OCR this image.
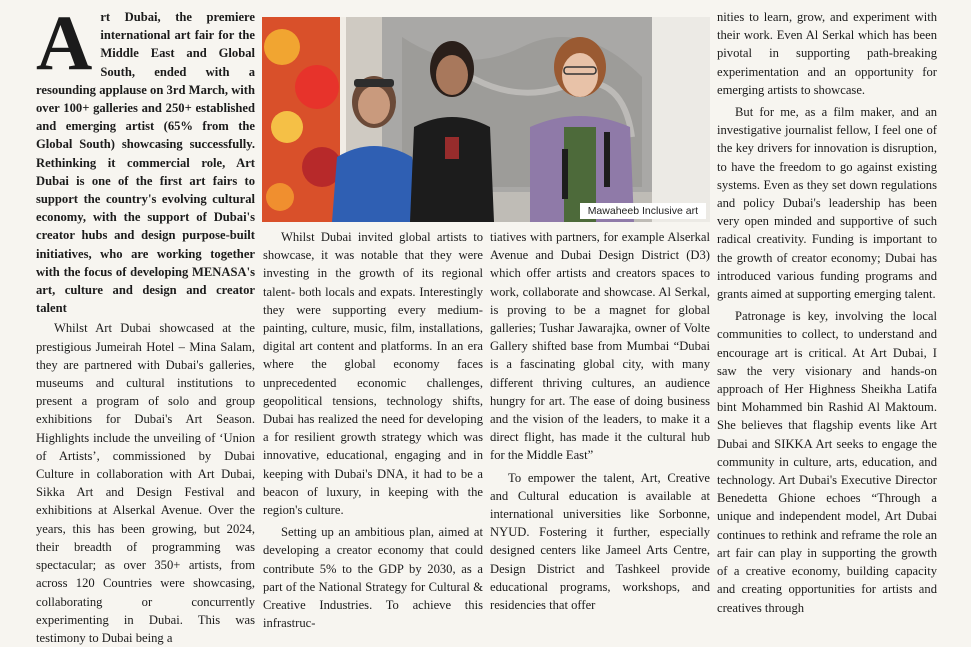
Art Dubai, the premiere international art fair for the Middle East and Global South, ended with a resounding applause on 3rd March, with over 100+ galleries and 250+ established and emerging artist (65% from the Global South) showcasing successfully. Rethinking it commercial role, Art Dubai is one of the first art fairs to support the country's evolving cultural economy, with the support of Dubai's creator hubs and design purpose-built initiatives, who are working together with the focus of developing MENASA's art, culture and design and creator talent

Whilst Art Dubai showcased at the prestigious Jumeirah Hotel – Mina Salam, they are partnered with Dubai's galleries, museums and cultural institutions to present a program of solo and group exhibitions for Dubai's Art Season. Highlights include the unveiling of ‘Union of Artists’, commissioned by Dubai Culture in collaboration with Art Dubai, Sikka Art and Design Festival and exhibitions at Alserkal Avenue. Over the years, this has been growing, but 2024, their breadth of programming was spectacular; as over 350+ artists, from across 120 Countries were showcasing, collaborating or concurrently experimenting in Dubai. This was testimony to Dubai being a

Mawaheeb Inclusive art

Whilst Dubai invited global artists to showcase, it was notable that they were investing in the growth of its regional talent- both locals and expats. Interestingly they were supporting every medium- painting, culture, music, film, installations, digital art content and platforms. In an era where the global economy faces unprecedented economic challenges, geopolitical tensions, technology shifts, Dubai has realized the need for developing a for resilient growth strategy which was innovative, educational, engaging and in keeping with Dubai's DNA, it had to be a beacon of luxury, in keeping with the region's culture.

Setting up an ambitious plan, aimed at developing a creator economy that could contribute 5% to the GDP by 2030, as a part of the National Strategy for Cultural & Creative Industries. To achieve this infrastruc-

tiatives with partners, for example Alserkal Avenue and Dubai Design District (D3) which offer artists and creators spaces to work, collaborate and showcase. Al Serkal, is proving to be a magnet for global galleries; Tushar Jawarajka, owner of Volte Gallery shifted base from Mumbai “Dubai is a fascinating global city, with many different thriving cultures, an audience hungry for art. The ease of doing business and the vision of the leaders, to make it a direct flight, has made it the cultural hub for the Middle East”

To empower the talent, Art, Creative and Cultural education is available at international universities like Sorbonne, NYUD. Fostering it further, especially designed centers like Jameel Arts Centre, Design District and Tashkeel provide educational programs, workshops, and residencies that offer

nities to learn, grow, and experiment with their work. Even Al Serkal which has been pivotal in supporting path-breaking experimentation and an opportunity for emerging artists to showcase.

But for me, as a film maker, and an investigative journalist fellow, I feel one of the key drivers for innovation is disruption, to have the freedom to go against existing systems. Even as they set down regulations and policy Dubai's leadership has been very open minded and supportive of such radical creativity. Funding is important to the growth of creator economy; Dubai has introduced various funding programs and grants aimed at supporting emerging talent.

Patronage is key, involving the local communities to collect, to understand and encourage art is critical. At Art Dubai, I saw the very visionary and hands-on approach of Her Highness Sheikha Latifa bint Mohammed bin Rashid Al Maktoum. She believes that flagship events like Art Dubai and SIKKA Art seeks to engage the community in culture, arts, education, and technology. Art Dubai's Executive Director Benedetta Ghione echoes “Through a unique and independent model, Art Dubai continues to rethink and reframe the role an art fair can play in supporting the growth of a creative economy, building capacity and creating opportunities for artists and creatives through
